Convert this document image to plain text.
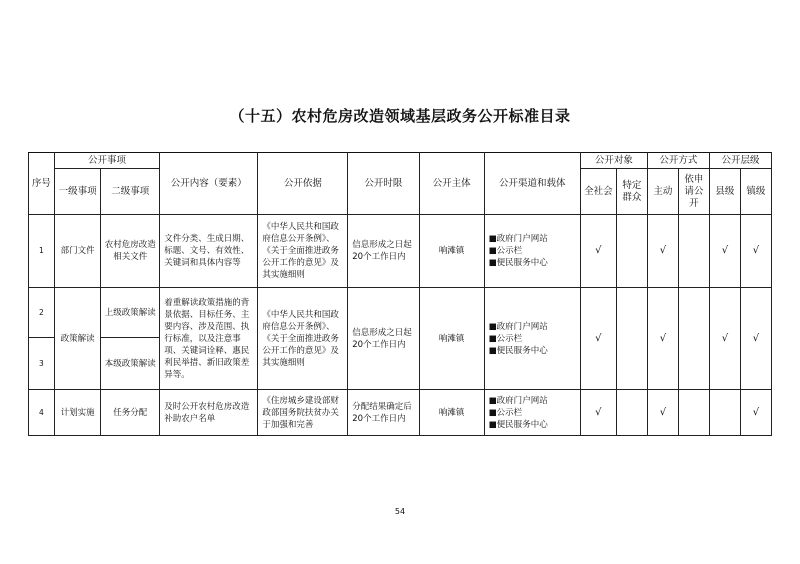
（十五）农村危房改造领域基层政务公开标准目录
序号	公开事项		公开内容（要素）	公开依据	公开时限	公开主体	公开渠道和载体	公开对象		公开方式		公开层级	
	一级事项	二级事项						全社会	特定群众	主动	依申请公开	县级	镇级
1	部门文件	农村危房改造相关文件	文件分类、生成日期、标题、文号、有效性、关键词和具体内容等	《中华人民共和国政府信息公开条例》、《关于全面推进政务公开工作的意见》及其实施细则	信息形成之日起20个工作日内	响滩镇	■政府门户网站
■公示栏
■便民服务中心	√		√		√	√
2	政策解读	上级政策解读	着重解读政策措施的背景依据、目标任务、主要内容、涉及范围、执行标准，以及注意事项、关键词诠释、惠民利民举措、新旧政策差异等。	《中华人民共和国政府信息公开条例》、《关于全面推进政务公开工作的意见》及其实施细则	信息形成之日起20个工作日内	响滩镇	■政府门户网站
■公示栏
■便民服务中心	√		√		√	√
3		本级政策解读											
4	计划实施	任务分配	及时公开农村危房改造补助农户名单	《住房城乡建设部财政部国务院扶贫办关于加强和完善	分配结果确定后20个工作日内	响滩镇	■政府门户网站
■公示栏
■便民服务中心	√		√			√
54
